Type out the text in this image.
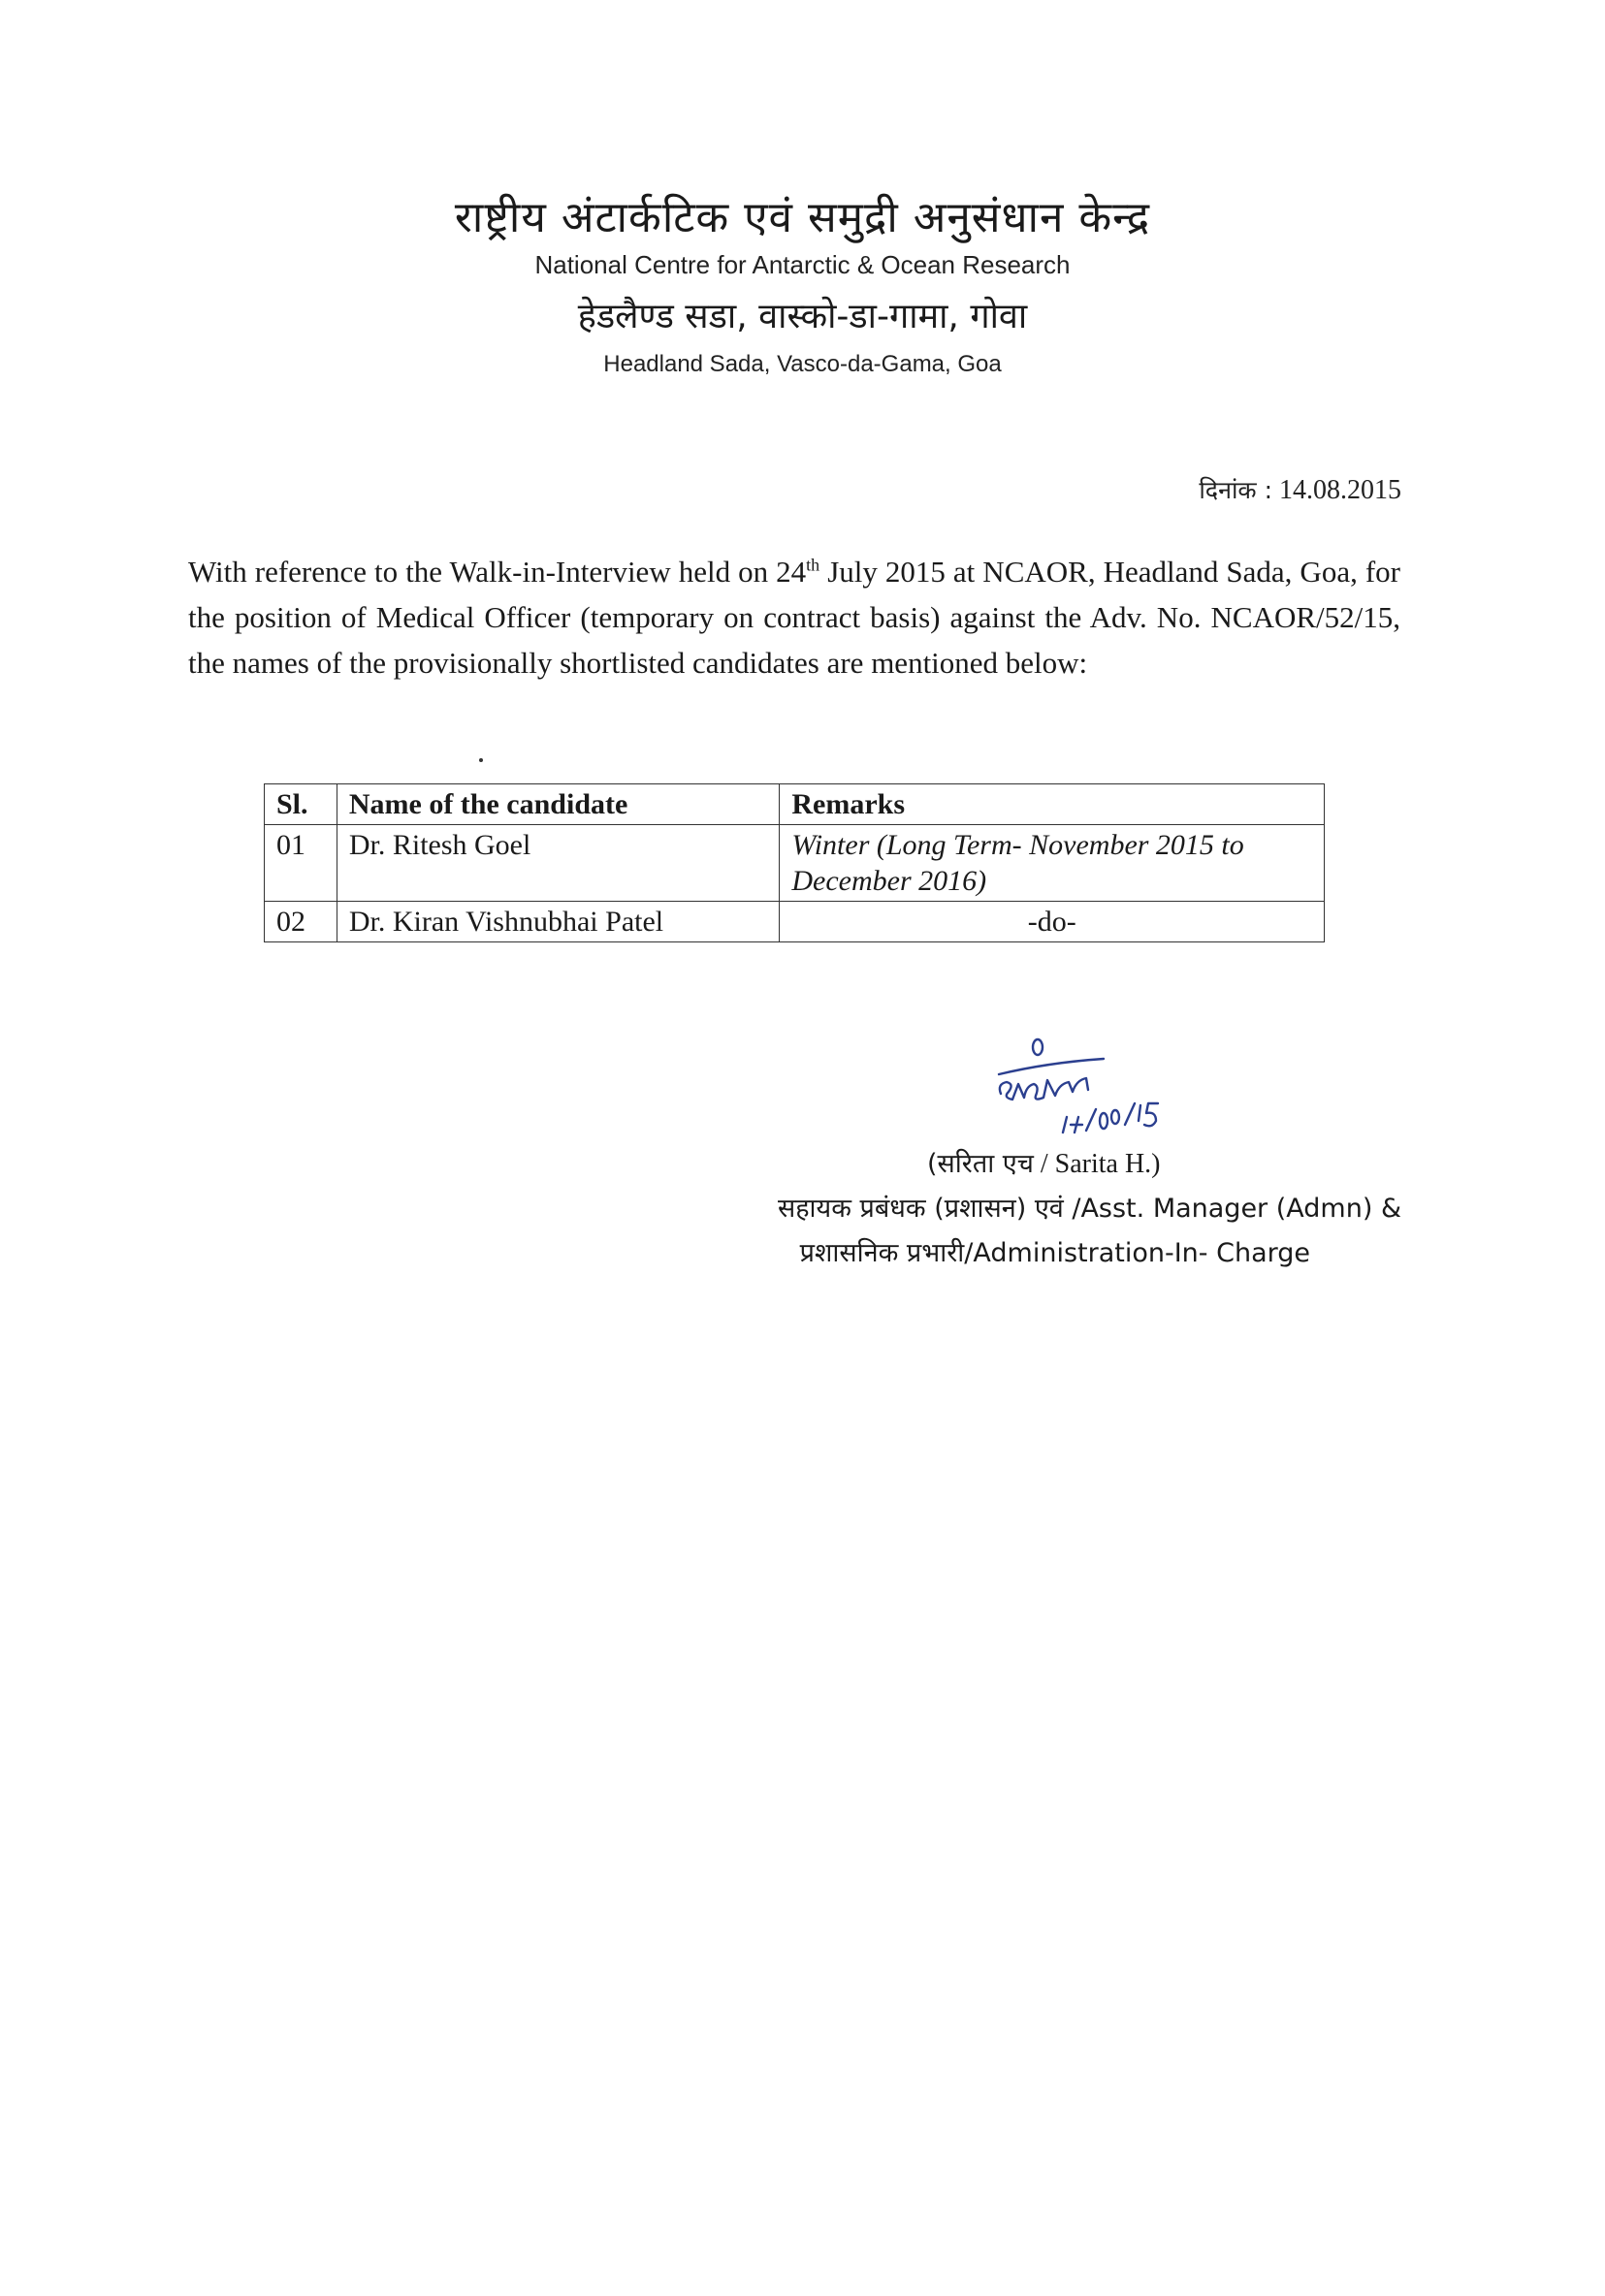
राष्ट्रीय अंटार्कटिक एवं समुद्री अनुसंधान केन्द्र
National Centre for Antarctic & Ocean Research
हेडलैण्ड सडा, वास्को-डा-गामा, गोवा
Headland Sada, Vasco-da-Gama, Goa
दिनांक : 14.08.2015
With reference to the Walk-in-Interview held on 24th July 2015 at NCAOR, Headland Sada, Goa, for the position of Medical Officer (temporary on contract basis) against the Adv. No. NCAOR/52/15, the names of the provisionally shortlisted candidates are mentioned below:
Sl.	Name of the candidate	Remarks
01	Dr. Ritesh Goel	Winter (Long Term- November 2015 to December 2016)
02	Dr. Kiran Vishnubhai Patel	-do-
(सरिता एच / Sarita H.)
सहायक प्रबंधक (प्रशासन) एवं /Asst. Manager (Admn) &
प्रशासनिक प्रभारी/Administration-In- Charge
